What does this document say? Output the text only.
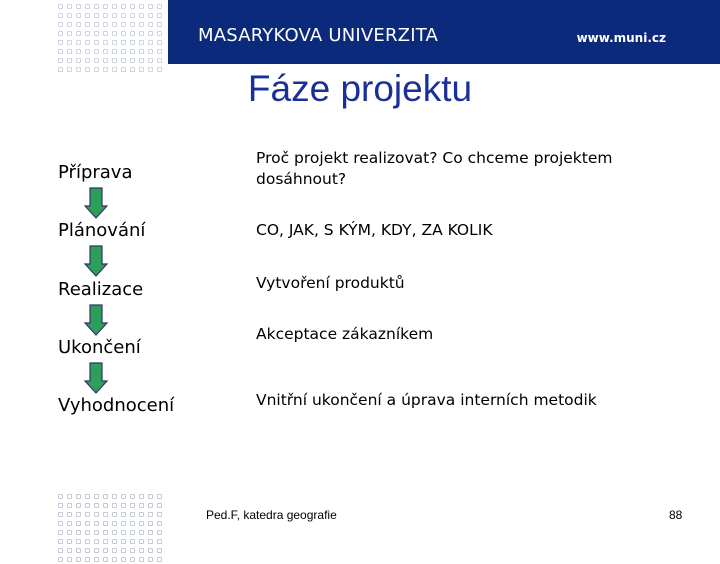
MASARYKOVA UNIVERZITA	www.muni.cz
Fáze projektu
Příprava
Plánování
Realizace
Ukončení
Vyhodnocení
Proč projekt realizovat? Co chceme projektem dosáhnout?
CO, JAK, S KÝM, KDY, ZA KOLIK
Vytvoření produktů
Akceptace zákazníkem
Vnitřní ukončení a úprava interních metodik
Ped.F, katedra geografie	88
